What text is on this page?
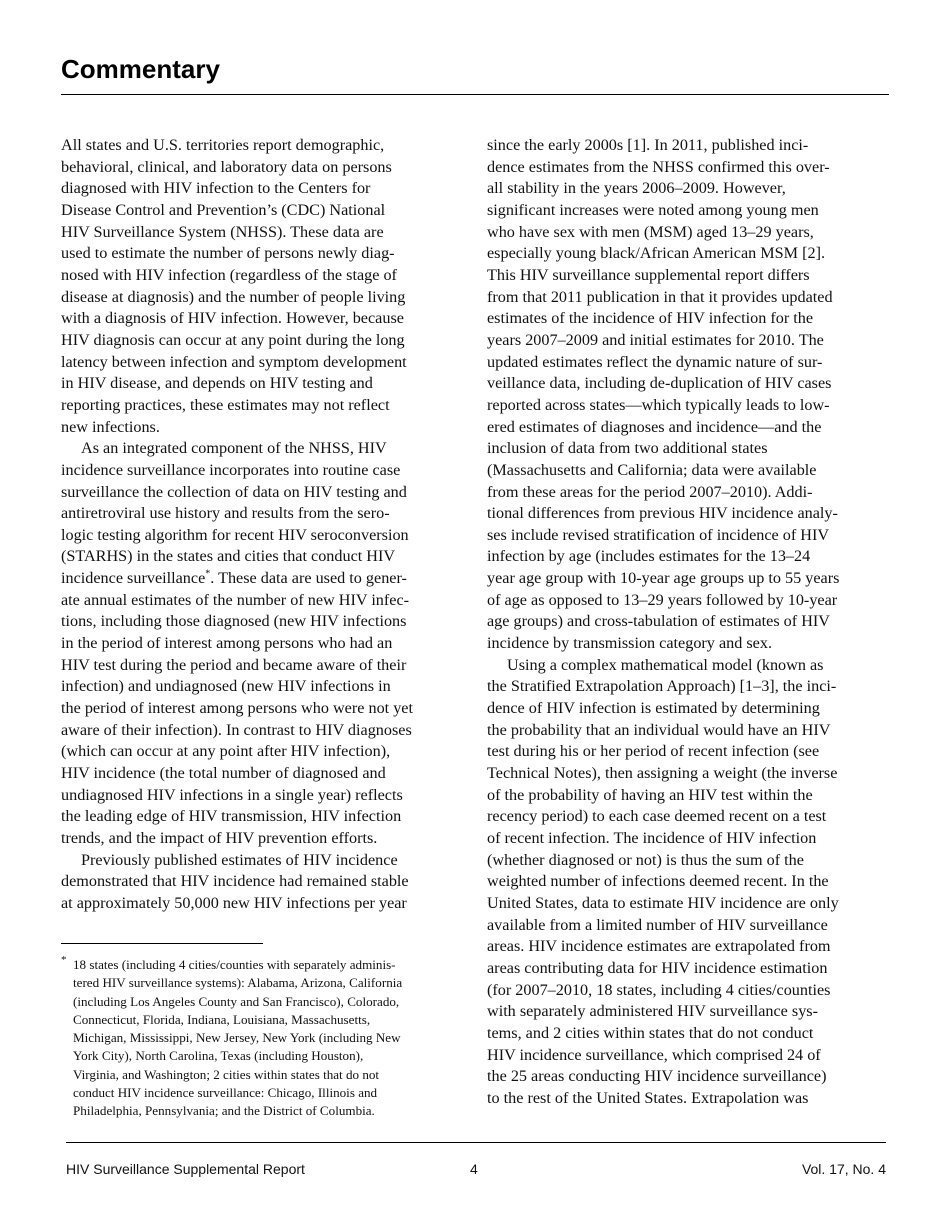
Commentary

All states and U.S. territories report demographic,

behavioral, clinical, and laboratory data on persons

diagnosed with HIV infection to the Centers for

Disease Control and Prevention’s (CDC) National

HIV Surveillance System (NHSS). These data are

used to estimate the number of persons newly diag-

nosed with HIV infection (regardless of the stage of

disease at diagnosis) and the number of people living

with a diagnosis of HIV infection. However, because

HIV diagnosis can occur at any point during the long

latency between infection and symptom development

in HIV disease, and depends on HIV testing and

reporting practices, these estimates may not reflect

new infections.

As an integrated component of the NHSS, HIV

incidence surveillance incorporates into routine case

surveillance the collection of data on HIV testing and

antiretroviral use history and results from the sero-

logic testing algorithm for recent HIV seroconversion

(STARHS) in the states and cities that conduct HIV

incidence surveillance*. These data are used to gener-

ate annual estimates of the number of new HIV infec-

tions, including those diagnosed (new HIV infections

in the period of interest among persons who had an

HIV test during the period and became aware of their

infection) and undiagnosed (new HIV infections in

the period of interest among persons who were not yet

aware of their infection). In contrast to HIV diagnoses

(which can occur at any point after HIV infection),

HIV incidence (the total number of diagnosed and

undiagnosed HIV infections in a single year) reflects

the leading edge of HIV transmission, HIV infection

trends, and the impact of HIV prevention efforts.

Previously published estimates of HIV incidence

demonstrated that HIV incidence had remained stable

at approximately 50,000 new HIV infections per year

* 18 states (including 4 cities/counties with separately adminis-

tered HIV surveillance systems): Alabama, Arizona, California

(including Los Angeles County and San Francisco), Colorado,

Connecticut, Florida, Indiana, Louisiana, Massachusetts,

Michigan, Mississippi, New Jersey, New York (including New

York City), North Carolina, Texas (including Houston),

Virginia, and Washington; 2 cities within states that do not

conduct HIV incidence surveillance: Chicago, Illinois and

Philadelphia, Pennsylvania; and the District of Columbia.

since the early 2000s [1]. In 2011, published inci-

dence estimates from the NHSS confirmed this over-

all stability in the years 2006–2009. However,

significant increases were noted among young men

who have sex with men (MSM) aged 13–29 years,

especially young black/African American MSM [2].

This HIV surveillance supplemental report differs

from that 2011 publication in that it provides updated

estimates of the incidence of HIV infection for the

years 2007–2009 and initial estimates for 2010. The

updated estimates reflect the dynamic nature of sur-

veillance data, including de-duplication of HIV cases

reported across states—which typically leads to low-

ered estimates of diagnoses and incidence—and the

inclusion of data from two additional states

(Massachusetts and California; data were available

from these areas for the period 2007–2010). Addi-

tional differences from previous HIV incidence analy-

ses include revised stratification of incidence of HIV

infection by age (includes estimates for the 13–24

year age group with 10-year age groups up to 55 years

of age as opposed to 13–29 years followed by 10-year

age groups) and cross-tabulation of estimates of HIV

incidence by transmission category and sex.

Using a complex mathematical model (known as

the Stratified Extrapolation Approach) [1–3], the inci-

dence of HIV infection is estimated by determining

the probability that an individual would have an HIV

test during his or her period of recent infection (see

Technical Notes), then assigning a weight (the inverse

of the probability of having an HIV test within the

recency period) to each case deemed recent on a test

of recent infection. The incidence of HIV infection

(whether diagnosed or not) is thus the sum of the

weighted number of infections deemed recent. In the

United States, data to estimate HIV incidence are only

available from a limited number of HIV surveillance

areas. HIV incidence estimates are extrapolated from

areas contributing data for HIV incidence estimation

(for 2007–2010, 18 states, including 4 cities/counties

with separately administered HIV surveillance sys-

tems, and 2 cities within states that do not conduct

HIV incidence surveillance, which comprised 24 of

the 25 areas conducting HIV incidence surveillance)

to the rest of the United States. Extrapolation was

HIV Surveillance Supplemental Report	4	Vol. 17, No. 4
